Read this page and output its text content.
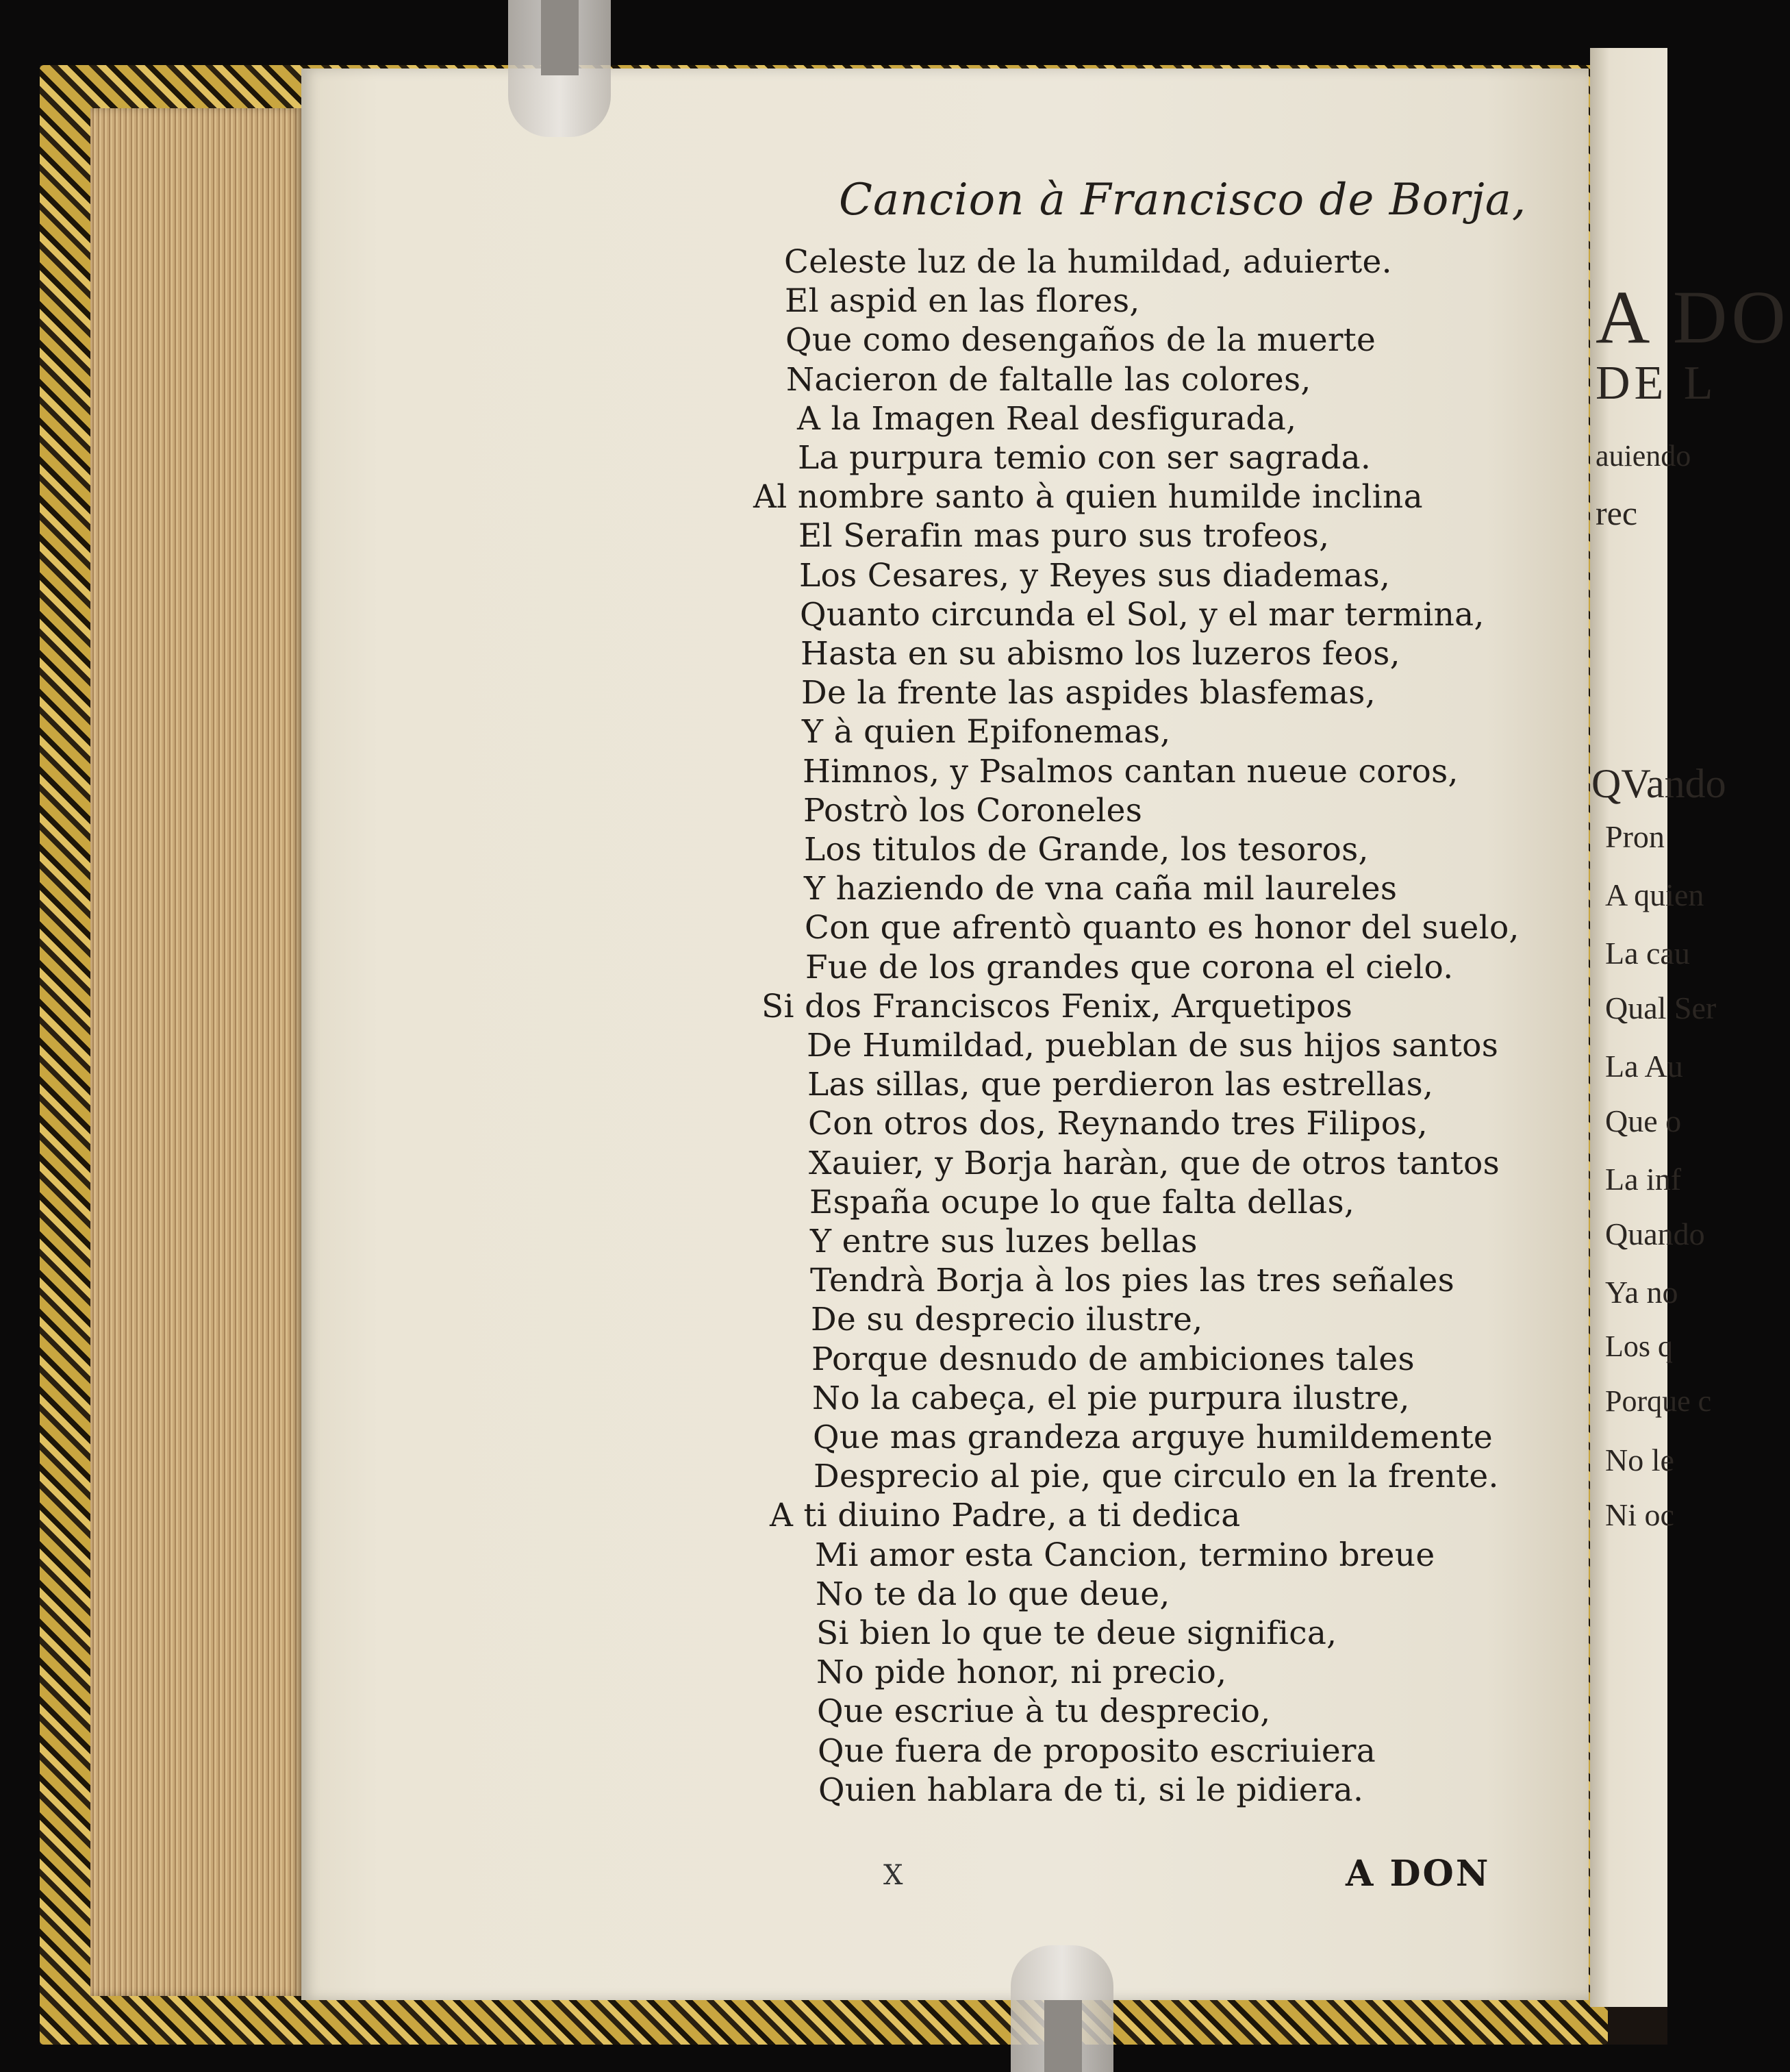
A DO
DE L
auiendo
rec
QVando
Pron
A quien
La cau
Qual Ser
La Au
Que o
La inf
Quando
Ya no
Los q
Porque c
No le
Ni oc
Cancion à Francisco de Borja,
Celeste luz de la humildad, aduierte.
El aspid en las flores,
Que como desengaños de la muerte
Nacieron de faltalle las colores,
A la Imagen Real desfigurada,
La purpura temio con ser sagrada.
Al nombre santo à quien humilde inclina
El Serafin mas puro sus trofeos,
Los Cesares, y Reyes sus diademas,
Quanto circunda el Sol, y el mar termina,
Hasta en su abismo los luzeros feos,
De la frente las aspides blasfemas,
Y à quien Epifonemas,
Himnos, y Psalmos cantan nueue coros,
Postrò los Coroneles
Los titulos de Grande, los tesoros,
Y haziendo de vna caña mil laureles
Con que afrentò quanto es honor del suelo,
Fue de los grandes que corona el cielo.
Si dos Franciscos Fenix, Arquetipos
De Humildad, pueblan de sus hijos santos
Las sillas, que perdieron las estrellas,
Con otros dos, Reynando tres Filipos,
Xauier, y Borja haràn, que de otros tantos
España ocupe lo que falta dellas,
Y entre sus luzes bellas
Tendrà Borja à los pies las tres señales
De su desprecio ilustre,
Porque desnudo de ambiciones tales
No la cabeça, el pie purpura ilustre,
Que mas grandeza arguye humildemente
Desprecio al pie, que circulo en la frente.
A ti diuino Padre, a ti dedica
Mi amor esta Cancion, termino breue
No te da lo que deue,
Si bien lo que te deue significa,
No pide honor, ni precio,
Que escriue à tu desprecio,
Que fuera de proposito escriuiera
Quien hablara de ti, si le pidiera.
X	A DON
